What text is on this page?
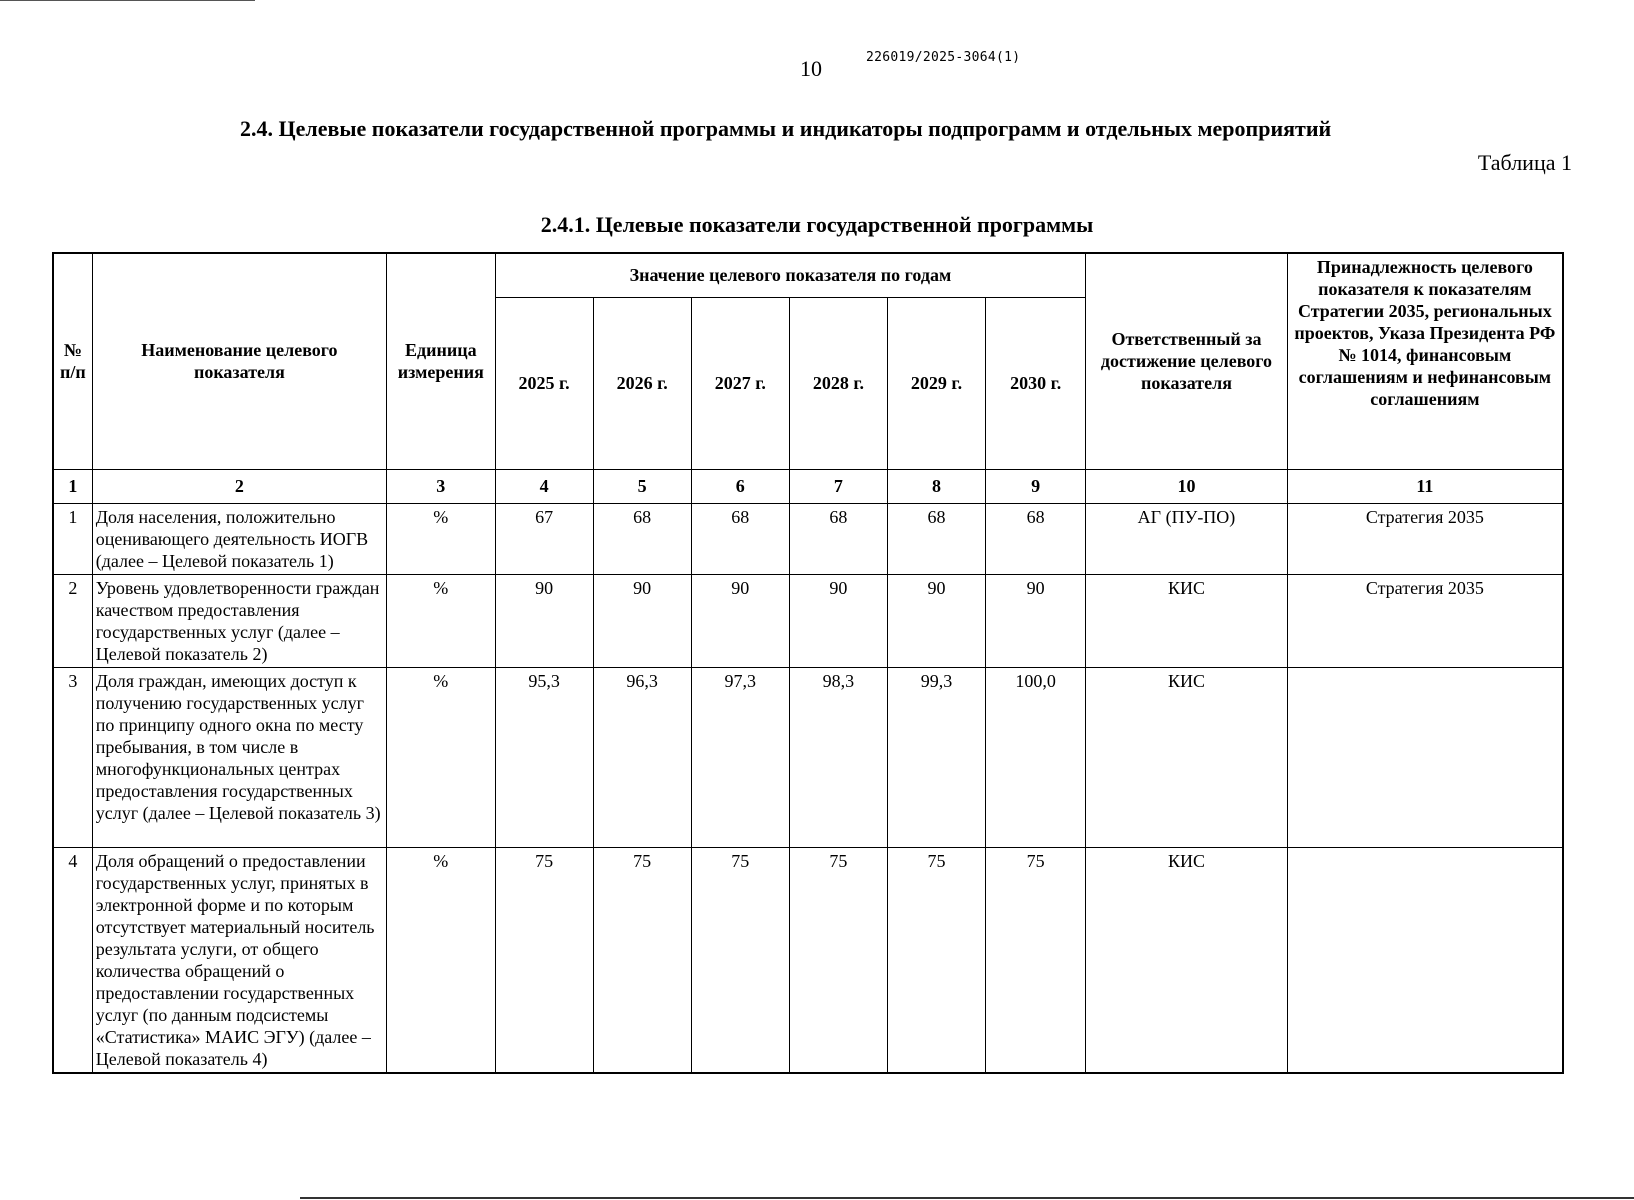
10	226019/2025-3064(1)
2.4. Целевые показатели государственной программы и индикаторы подпрограмм и отдельных мероприятий
Таблица 1
2.4.1. Целевые показатели государственной программы
№ п/п	Наименование целевого показателя	Единица измерения	Значение целевого показателя по годам						Ответственный за достижение целевого показателя	Принадлежность целевого показателя к показателям Стратегии 2035, региональных проектов, Указа Президента РФ № 1014, финансовым соглашениям и нефинансовым соглашениям
			2025 г.	2026 г.	2027 г.	2028 г.	2029 г.	2030 г.		
1	2	3	4	5	6	7	8	9	10	11
1	Доля населения, положительно оценивающего деятельность ИОГВ (далее – Целевой показатель 1)	%	67	68	68	68	68	68	АГ (ПУ-ПО)	Стратегия 2035
2	Уровень удовлетворенности граждан качеством предоставления государственных услуг (далее – Целевой показатель 2)	%	90	90	90	90	90	90	КИС	Стратегия 2035
3	Доля граждан, имеющих доступ к получению государственных услуг по принципу одного окна по месту пребывания, в том числе в многофункциональных центрах предоставления государственных услуг (далее – Целевой показатель 3)	%	95,3	96,3	97,3	98,3	99,3	100,0	КИС	
4	Доля обращений о предоставлении государственных услуг, принятых в электронной форме и по которым отсутствует материальный носитель результата услуги, от общего количества обращений о предоставлении государственных услуг (по данным подсистемы «Статистика» МАИС ЭГУ) (далее – Целевой показатель 4)	%	75	75	75	75	75	75	КИС	
